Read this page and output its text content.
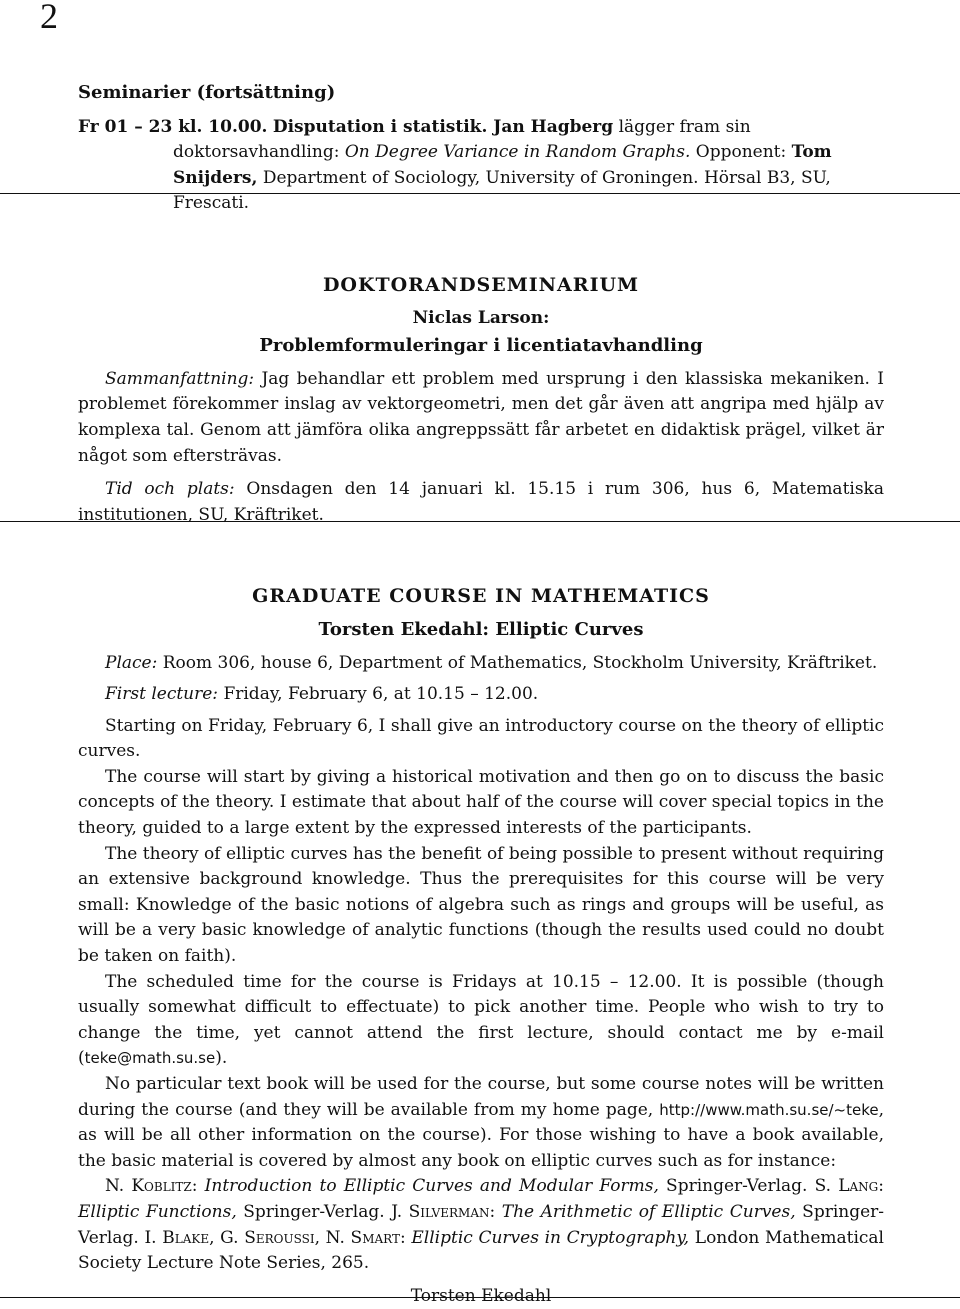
2
Seminarier (fortsättning)

Fr 01 – 23 kl. 10.00. Disputation i statistik. Jan Hagberg lägger fram sin doktorsavhandling: On Degree Variance in Random Graphs. Opponent: Tom Snijders, Department of Sociology, University of Groningen. Hörsal B3, SU, Frescati.

DOKTORANDSEMINARIUM
Niclas Larson:
Problemformuleringar i licentiatavhandling

Sammanfattning: Jag behandlar ett problem med ursprung i den klassiska mekaniken. I problemet förekommer inslag av vektorgeometri, men det går även att angripa med hjälp av komplexa tal. Genom att jämföra olika angreppssätt får arbetet en didaktisk prägel, vilket är något som eftersträvas.

Tid och plats: Onsdagen den 14 januari kl. 15.15 i rum 306, hus 6, Matematiska institutionen, SU, Kräftriket.

GRADUATE COURSE IN MATHEMATICS
Torsten Ekedahl: Elliptic Curves

Place: Room 306, house 6, Department of Mathematics, Stockholm University, Kräftriket.

First lecture: Friday, February 6, at 10.15 – 12.00.

Starting on Friday, February 6, I shall give an introductory course on the theory of elliptic curves.

The course will start by giving a historical motivation and then go on to discuss the basic concepts of the theory. I estimate that about half of the course will cover special topics in the theory, guided to a large extent by the expressed interests of the participants.

The theory of elliptic curves has the benefit of being possible to present without requiring an extensive background knowledge. Thus the prerequisites for this course will be very small: Knowledge of the basic notions of algebra such as rings and groups will be useful, as will be a very basic knowledge of analytic functions (though the results used could no doubt be taken on faith).

The scheduled time for the course is Fridays at 10.15 – 12.00. It is possible (though usually somewhat difficult to effectuate) to pick another time. People who wish to try to change the time, yet cannot attend the first lecture, should contact me by e-mail (teke@math.su.se).

No particular text book will be used for the course, but some course notes will be written during the course (and they will be available from my home page, http://www.math.su.se/~teke, as will be all other information on the course). For those wishing to have a book available, the basic material is covered by almost any book on elliptic curves such as for instance:

N. Koblitz: Introduction to Elliptic Curves and Modular Forms, Springer-Verlag. S. Lang: Elliptic Functions, Springer-Verlag. J. Silverman: The Arithmetic of Elliptic Curves, Springer-Verlag. I. Blake, G. Seroussi, N. Smart: Elliptic Curves in Cryptography, London Mathematical Society Lecture Note Series, 265.

Torsten Ekedahl
